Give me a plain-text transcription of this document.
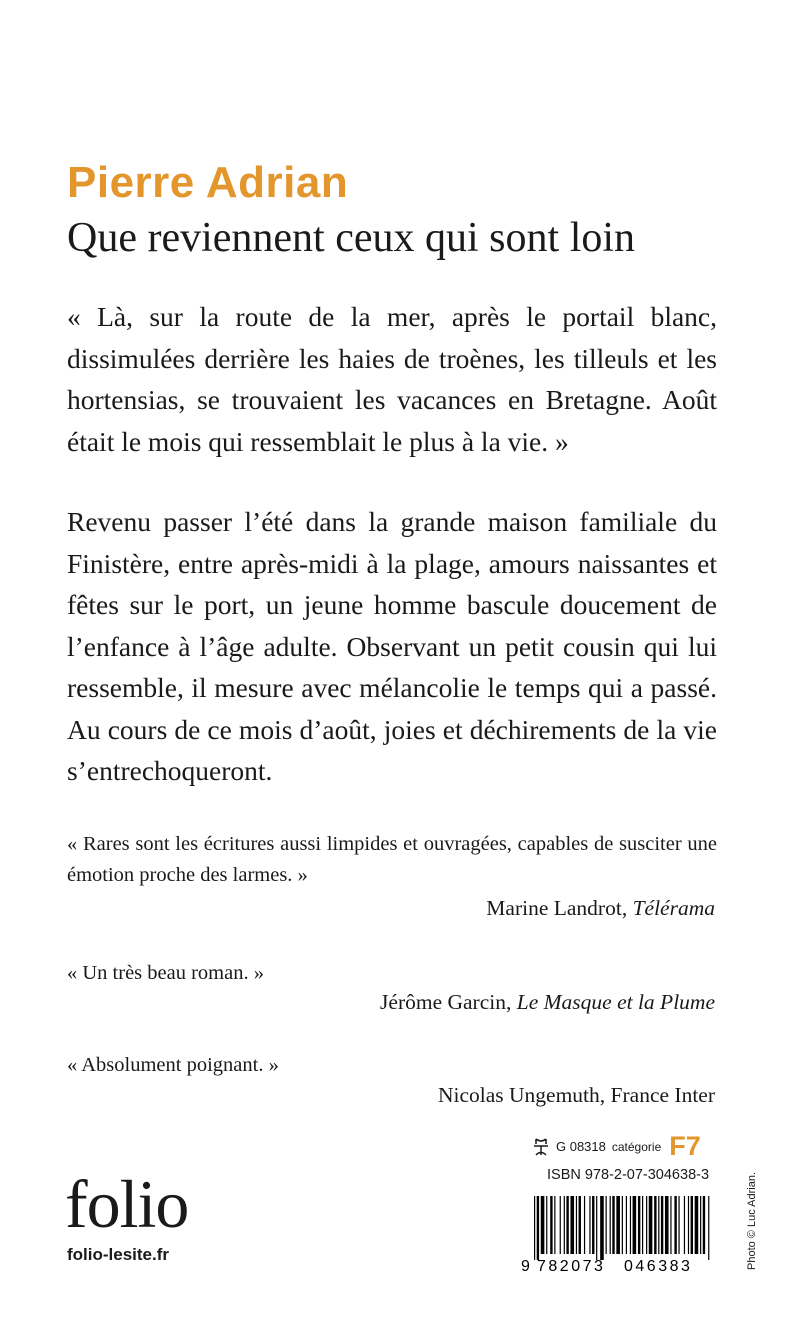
Pierre Adrian
Que reviennent ceux qui sont loin

« Là, sur la route de la mer, après le portail blanc, dissimulées derrière les haies de troènes, les tilleuls et les hortensias, se trouvaient les vacances en Bretagne. Août était le mois qui ressemblait le plus à la vie. »

Revenu passer l’été dans la grande maison familiale du Finistère, entre après-midi à la plage, amours naissantes et fêtes sur le port, un jeune homme bascule doucement de l’enfance à l’âge adulte. Observant un petit cousin qui lui ressemble, il mesure avec mélancolie le temps qui a passé. Au cours de ce mois d’août, joies et déchirements de la vie s’entrechoqueront.

« Rares sont les écritures aussi limpides et ouvragées, capables de susciter une émotion proche des larmes. »

Marine Landrot, Télérama

« Un très beau roman. »

Jérôme Garcin, Le Masque et la Plume

« Absolument poignant. »

Nicolas Ungemuth, France Inter
G 08318 catégorie F7
ISBN 978-2-07-304638-3
9 782073 046383
folio
folio-lesite.fr	Photo © Luc Adrian.
